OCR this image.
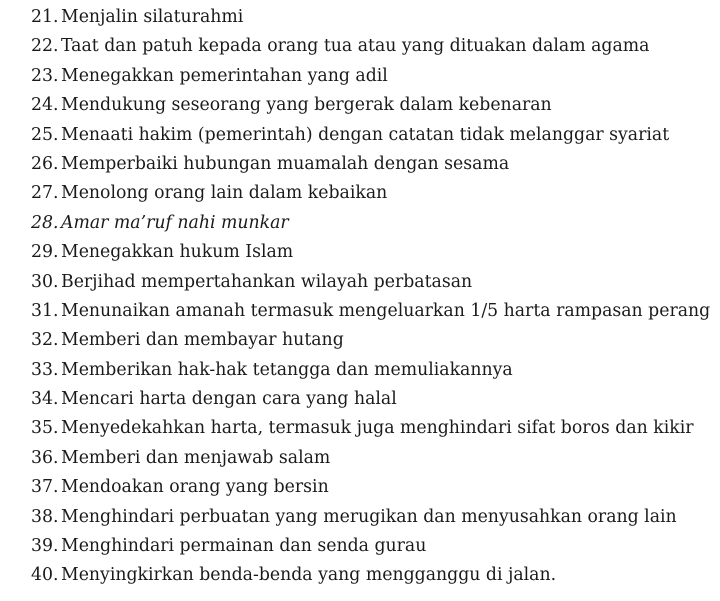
21. Menjalin silaturahmi
22. Taat dan patuh kepada orang tua atau yang dituakan dalam agama
23. Menegakkan pemerintahan yang adil
24. Mendukung seseorang yang bergerak dalam kebenaran
25. Menaati hakim (pemerintah) dengan catatan tidak melanggar syariat
26. Memperbaiki hubungan muamalah dengan sesama
27. Menolong orang lain dalam kebaikan
28. Amar ma’ruf nahi munkar
29. Menegakkan hukum Islam
30. Berjihad mempertahankan wilayah perbatasan
31. Menunaikan amanah termasuk mengeluarkan 1/5 harta rampasan perang
32. Memberi dan membayar hutang
33. Memberikan hak-hak tetangga dan memuliakannya
34. Mencari harta dengan cara yang halal
35. Menyedekahkan harta, termasuk juga menghindari sifat boros dan kikir
36. Memberi dan menjawab salam
37. Mendoakan orang yang bersin
38. Menghindari perbuatan yang merugikan dan menyusahkan orang lain
39. Menghindari permainan dan senda gurau
40. Menyingkirkan benda-benda yang mengganggu di jalan.
